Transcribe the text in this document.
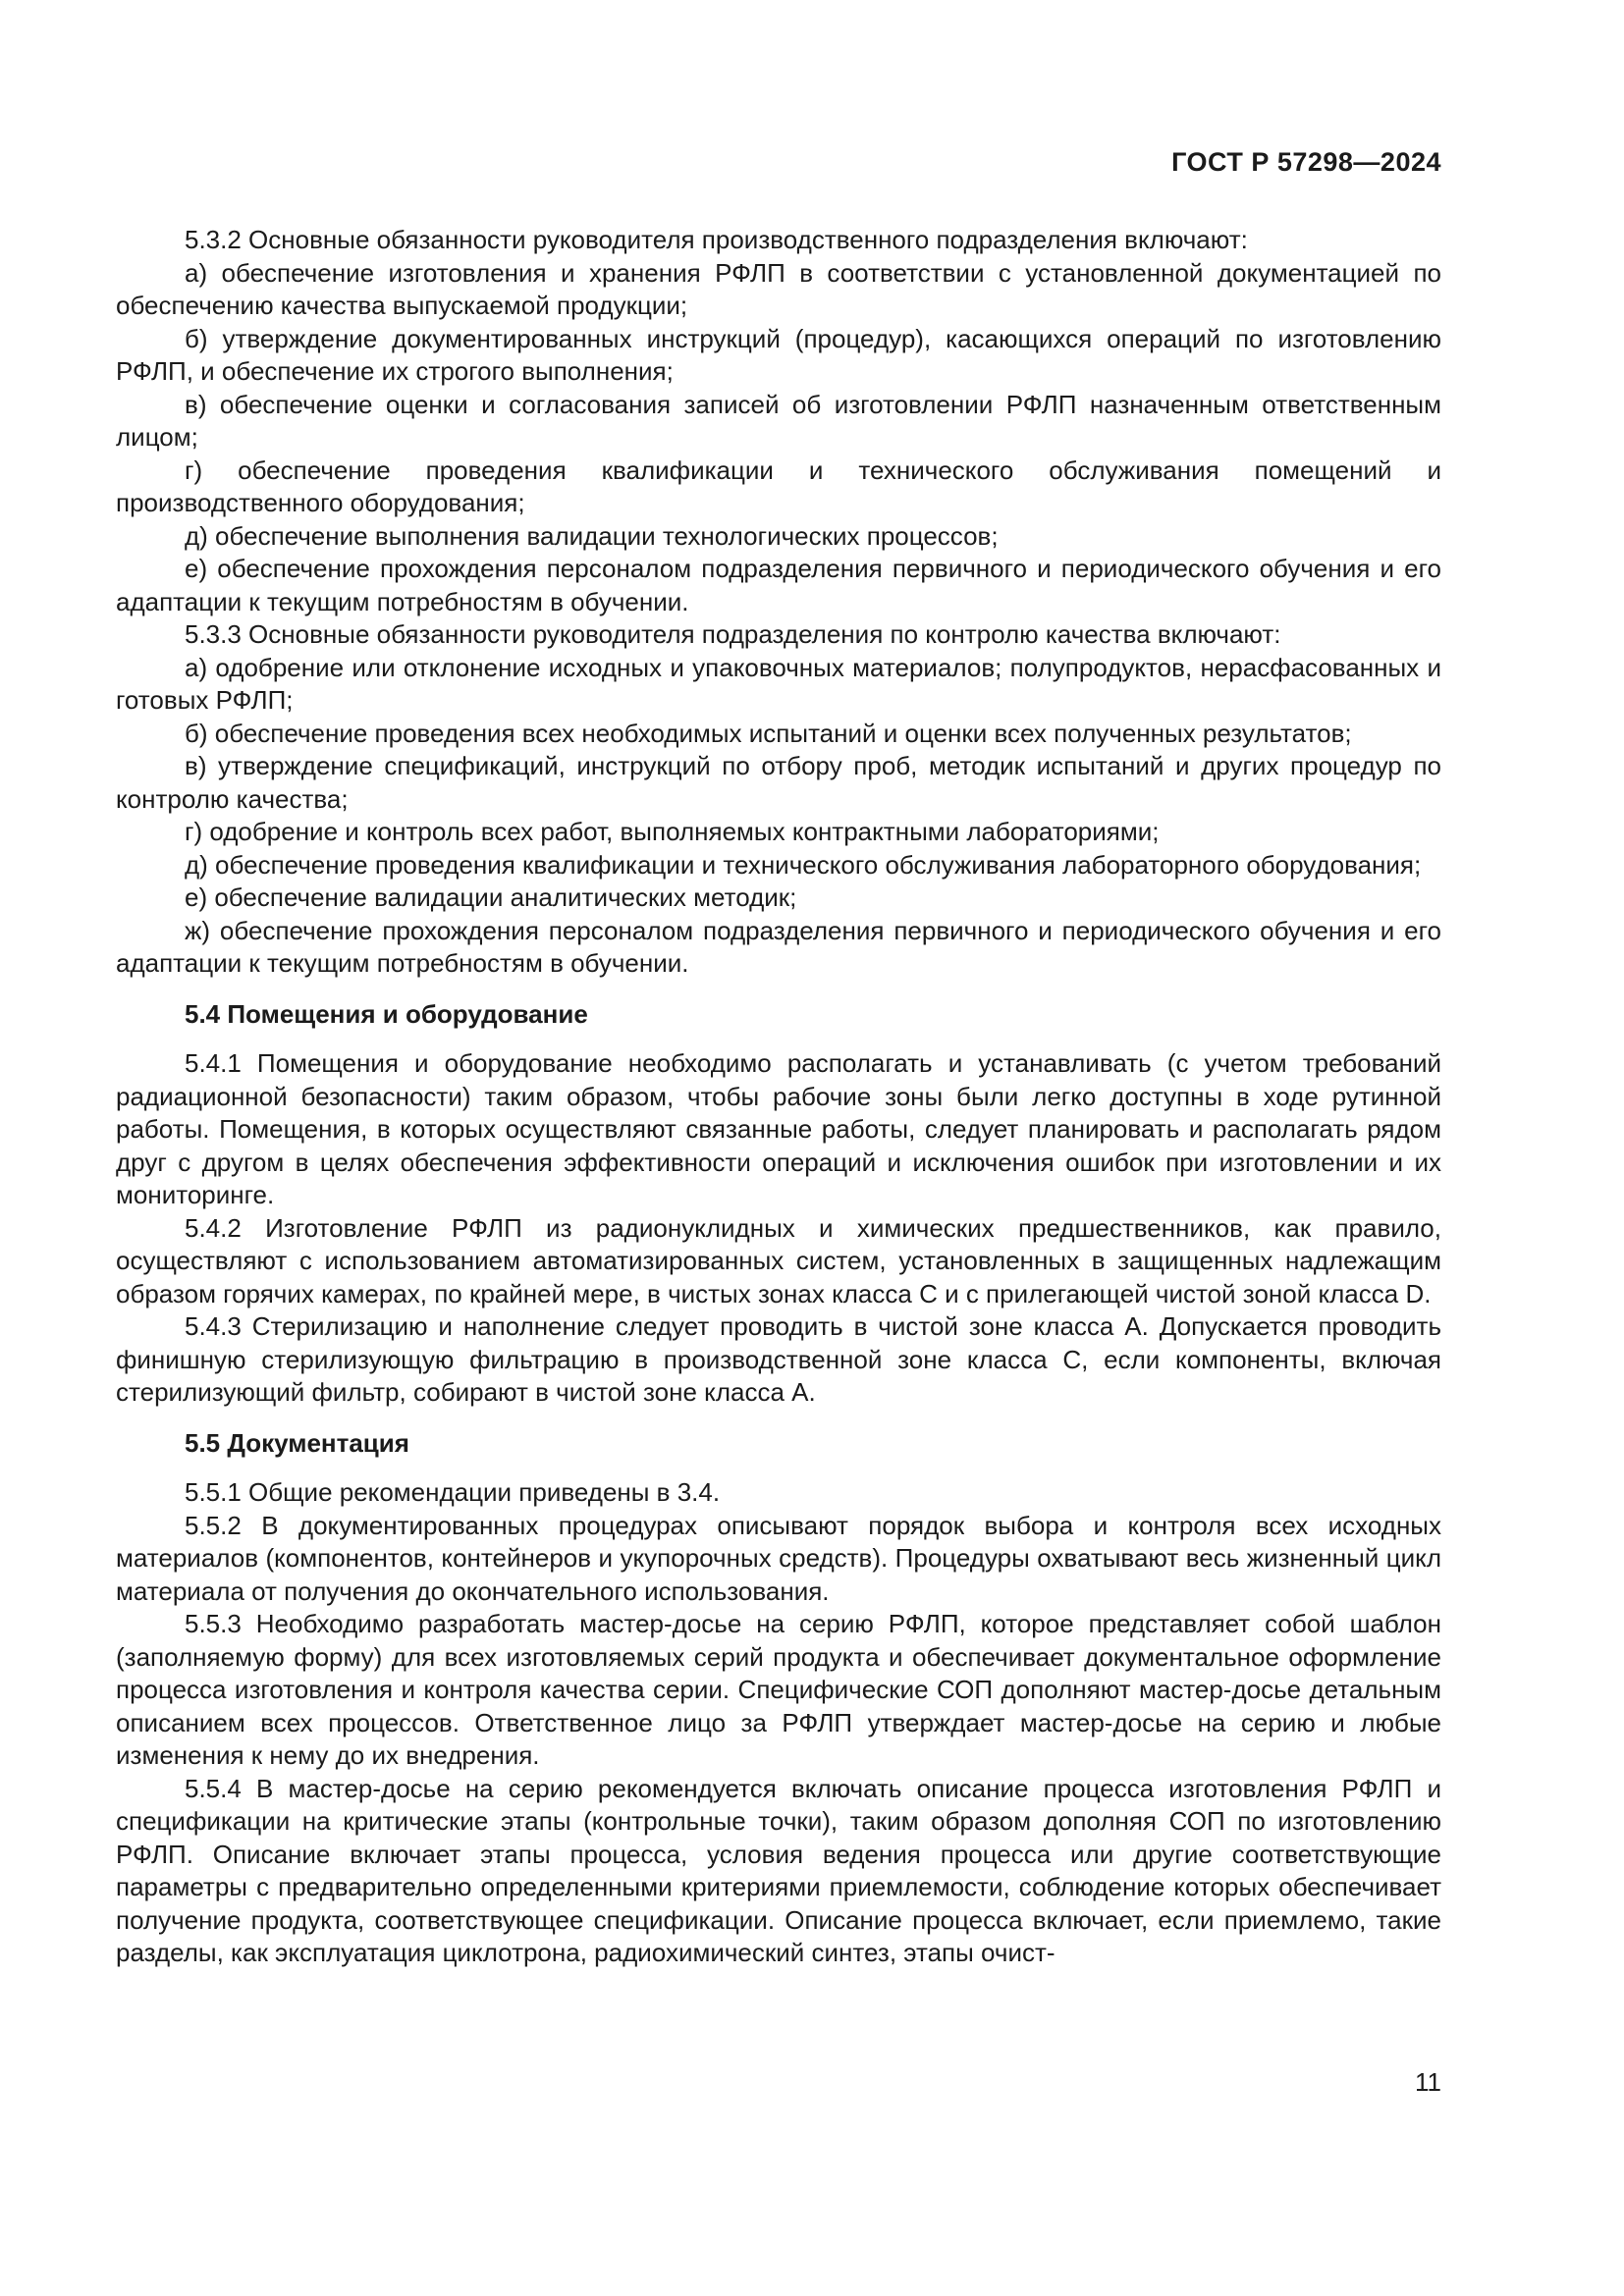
ГОСТ Р 57298—2024

5.3.2 Основные обязанности руководителя производственного подразделения включают:

а) обеспечение изготовления и хранения РФЛП в соответствии с установленной документацией по обеспечению качества выпускаемой продукции;

б) утверждение документированных инструкций (процедур), касающихся операций по изготовлению РФЛП, и обеспечение их строгого выполнения;

в) обеспечение оценки и согласования записей об изготовлении РФЛП назначенным ответственным лицом;

г) обеспечение проведения квалификации и технического обслуживания помещений и производственного оборудования;

д) обеспечение выполнения валидации технологических процессов;

е) обеспечение прохождения персоналом подразделения первичного и периодического обучения и его адаптации к текущим потребностям в обучении.

5.3.3 Основные обязанности руководителя подразделения по контролю качества включают:

а) одобрение или отклонение исходных и упаковочных материалов; полупродуктов, нерасфасованных и готовых РФЛП;

б) обеспечение проведения всех необходимых испытаний и оценки всех полученных результатов;

в) утверждение спецификаций, инструкций по отбору проб, методик испытаний и других процедур по контролю качества;

г) одобрение и контроль всех работ, выполняемых контрактными лабораториями;

д) обеспечение проведения квалификации и технического обслуживания лабораторного оборудования;

е) обеспечение валидации аналитических методик;

ж) обеспечение прохождения персоналом подразделения первичного и периодического обучения и его адаптации к текущим потребностям в обучении.

5.4 Помещения и оборудование

5.4.1 Помещения и оборудование необходимо располагать и устанавливать (с учетом требований радиационной безопасности) таким образом, чтобы рабочие зоны были легко доступны в ходе рутинной работы. Помещения, в которых осуществляют связанные работы, следует планировать и располагать рядом друг с другом в целях обеспечения эффективности операций и исключения ошибок при изготовлении и их мониторинге.

5.4.2 Изготовление РФЛП из радионуклидных и химических предшественников, как правило, осуществляют с использованием автоматизированных систем, установленных в защищенных надлежащим образом горячих камерах, по крайней мере, в чистых зонах класса С и с прилегающей чистой зоной класса D.

5.4.3 Стерилизацию и наполнение следует проводить в чистой зоне класса А. Допускается проводить финишную стерилизующую фильтрацию в производственной зоне класса С, если компоненты, включая стерилизующий фильтр, собирают в чистой зоне класса А.

5.5 Документация

5.5.1 Общие рекомендации приведены в 3.4.

5.5.2 В документированных процедурах описывают порядок выбора и контроля всех исходных материалов (компонентов, контейнеров и укупорочных средств). Процедуры охватывают весь жизненный цикл материала от получения до окончательного использования.

5.5.3 Необходимо разработать мастер-досье на серию РФЛП, которое представляет собой шаблон (заполняемую форму) для всех изготовляемых серий продукта и обеспечивает документальное оформление процесса изготовления и контроля качества серии. Специфические СОП дополняют мастер-досье детальным описанием всех процессов. Ответственное лицо за РФЛП утверждает мастер-досье на серию и любые изменения к нему до их внедрения.

5.5.4 В мастер-досье на серию рекомендуется включать описание процесса изготовления РФЛП и спецификации на критические этапы (контрольные точки), таким образом дополняя СОП по изготовлению РФЛП. Описание включает этапы процесса, условия ведения процесса или другие соответствующие параметры с предварительно определенными критериями приемлемости, соблюдение которых обеспечивает получение продукта, соответствующее спецификации. Описание процесса включает, если приемлемо, такие разделы, как эксплуатация циклотрона, радиохимический синтез, этапы очист-

11
